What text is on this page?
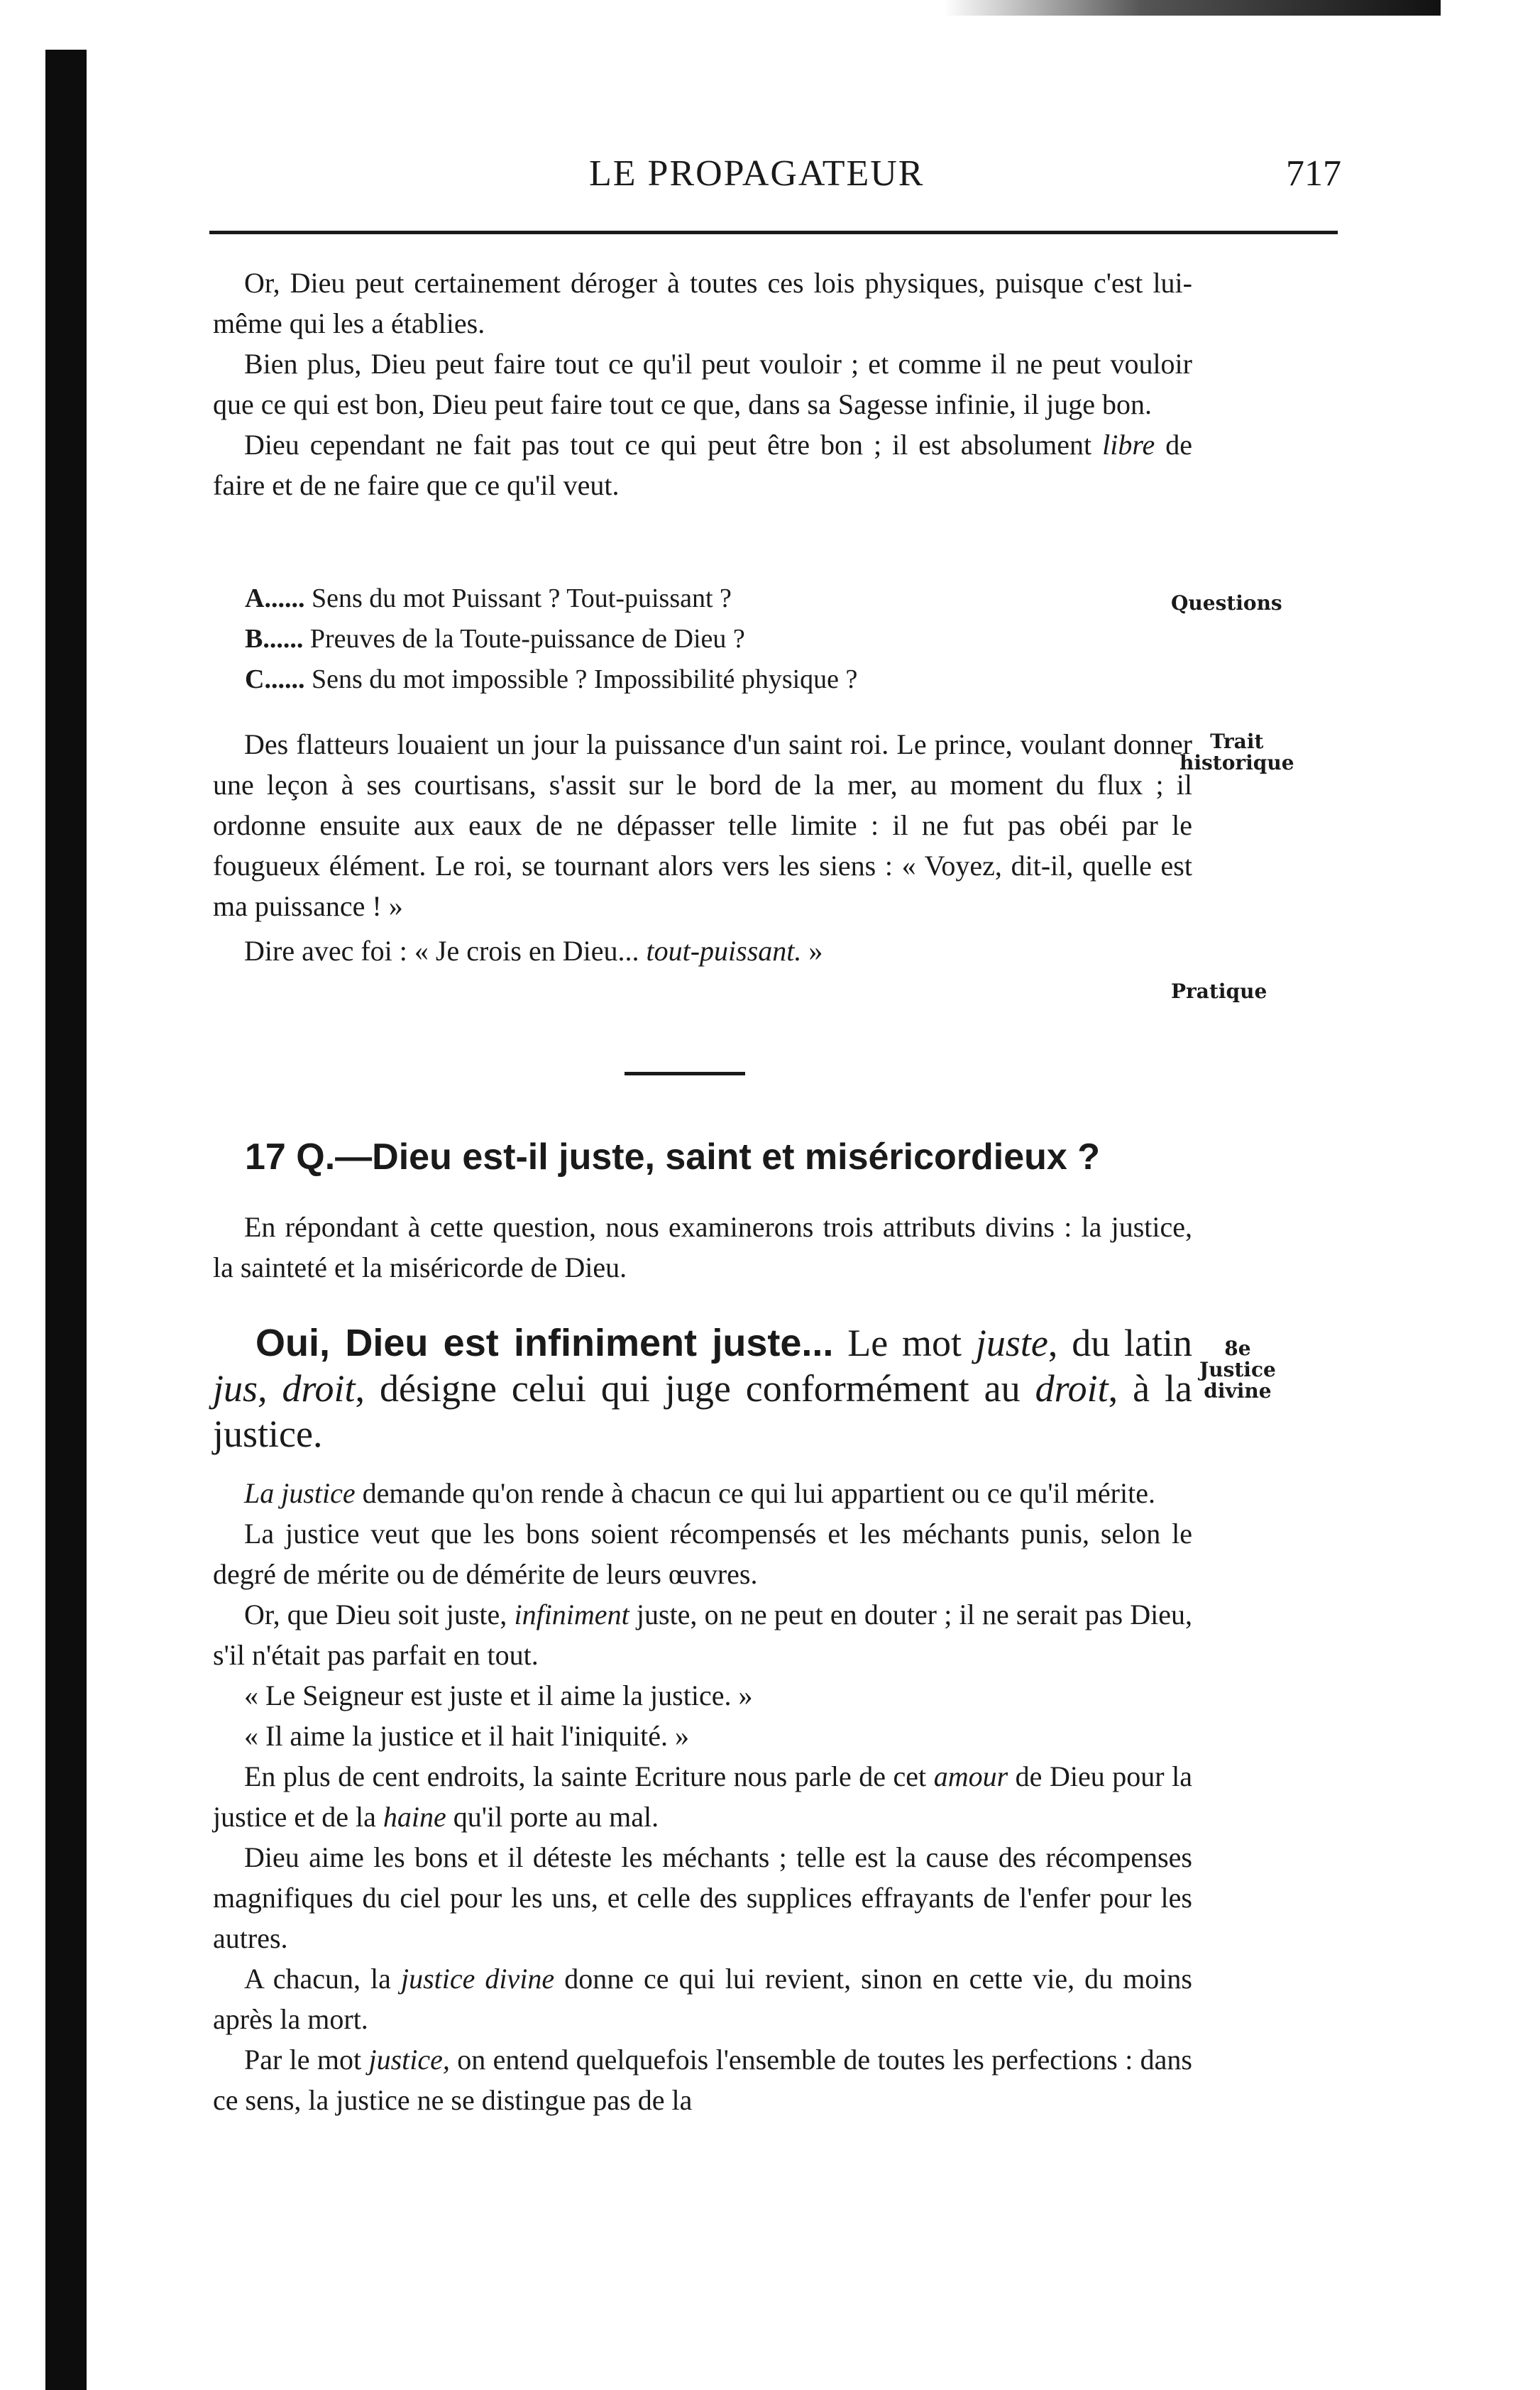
LE PROPAGATEUR	717

Or, Dieu peut certainement déroger à toutes ces lois physiques, puisque c'est lui-même qui les a établies.

Bien plus, Dieu peut faire tout ce qu'il peut vouloir ; et comme il ne peut vouloir que ce qui est bon, Dieu peut faire tout ce que, dans sa Sagesse infinie, il juge bon.

Dieu cependant ne fait pas tout ce qui peut être bon ; il est absolument libre de faire et de ne faire que ce qu'il veut.

A...... Sens du mot Puissant ? Tout-puissant ?
B...... Preuves de la Toute-puissance de Dieu ?
C...... Sens du mot impossible ? Impossibilité physique ?
Questions

Des flatteurs louaient un jour la puissance d'un saint roi. Le prince, voulant donner une leçon à ses courtisans, s'assit sur le bord de la mer, au moment du flux ; il ordonne ensuite aux eaux de ne dépasser telle limite : il ne fut pas obéi par le fougueux élément. Le roi, se tournant alors vers les siens : « Voyez, dit-il, quelle est ma puissance ! »

Dire avec foi : « Je crois en Dieu... tout-puissant. »

Trait
historique
Pratique
17 Q.—Dieu est-il juste, saint et miséricordieux ?

En répondant à cette question, nous examinerons trois attributs divins : la justice, la sainteté et la miséricorde de Dieu.

Oui, Dieu est infiniment juste... Le mot juste, du latin jus, droit, désigne celui qui juge conformément au droit, à la justice.

8e
Justice
divine

La justice demande qu'on rende à chacun ce qui lui appartient ou ce qu'il mérite.

La justice veut que les bons soient récompensés et les méchants punis, selon le degré de mérite ou de démérite de leurs œuvres.

Or, que Dieu soit juste, infiniment juste, on ne peut en douter ; il ne serait pas Dieu, s'il n'était pas parfait en tout.

« Le Seigneur est juste et il aime la justice. »

« Il aime la justice et il hait l'iniquité. »

En plus de cent endroits, la sainte Ecriture nous parle de cet amour de Dieu pour la justice et de la haine qu'il porte au mal.

Dieu aime les bons et il déteste les méchants ; telle est la cause des récompenses magnifiques du ciel pour les uns, et celle des supplices effrayants de l'enfer pour les autres.

A chacun, la justice divine donne ce qui lui revient, sinon en cette vie, du moins après la mort.

Par le mot justice, on entend quelquefois l'ensemble de toutes les perfections : dans ce sens, la justice ne se distingue pas de la
